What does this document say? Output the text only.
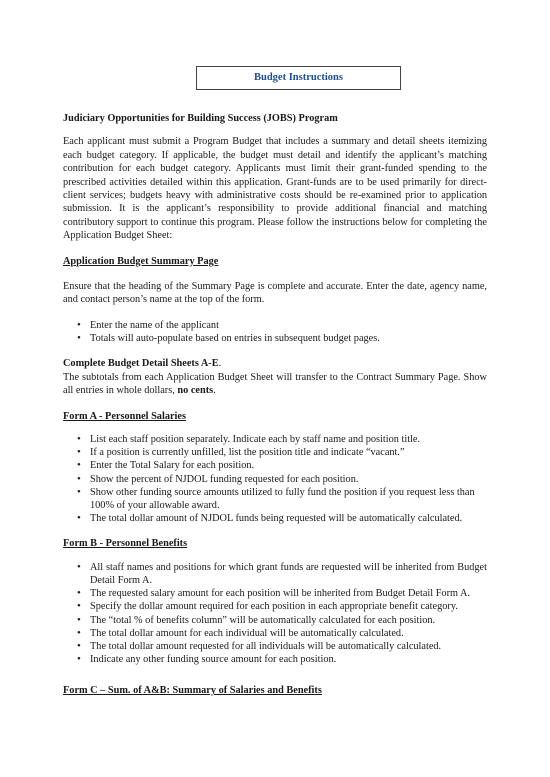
Budget Instructions

Judiciary Opportunities for Building Success (JOBS) Program

Each applicant must submit a Program Budget that includes a summary and detail sheets itemizing each budget category. If applicable, the budget must detail and identify the applicant’s matching contribution for each budget category. Applicants must limit their grant-funded spending to the prescribed activities detailed within this application. Grant-funds are to be used primarily for direct-client services; budgets heavy with administrative costs should be re-examined prior to application submission. It is the applicant’s responsibility to provide additional financial and matching contributory support to continue this program. Please follow the instructions below for completing the Application Budget Sheet:

Application Budget Summary Page

Ensure that the heading of the Summary Page is complete and accurate. Enter the date, agency name, and contact person’s name at the top of the form.

• Enter the name of the applicant
• Totals will auto-populate based on entries in subsequent budget pages.

Complete Budget Detail Sheets A-E.

The subtotals from each Application Budget Sheet will transfer to the Contract Summary Page. Show all entries in whole dollars, no cents.

Form A - Personnel Salaries

• List each staff position separately. Indicate each by staff name and position title.
• If a position is currently unfilled, list the position title and indicate “vacant.”
• Enter the Total Salary for each position.
• Show the percent of NJDOL funding requested for each position.
• Show other funding source amounts utilized to fully fund the position if you request less than 100% of your allowable award.
• The total dollar amount of NJDOL funds being requested will be automatically calculated.

Form B - Personnel Benefits

• All staff names and positions for which grant funds are requested will be inherited from Budget Detail Form A.
• The requested salary amount for each position will be inherited from Budget Detail Form A.
• Specify the dollar amount required for each position in each appropriate benefit category.
• The “total % of benefits column” will be automatically calculated for each position.
• The total dollar amount for each individual will be automatically calculated.
• The total dollar amount requested for all individuals will be automatically calculated.
• Indicate any other funding source amount for each position.

Form C – Sum. of A&B: Summary of Salaries and Benefits
